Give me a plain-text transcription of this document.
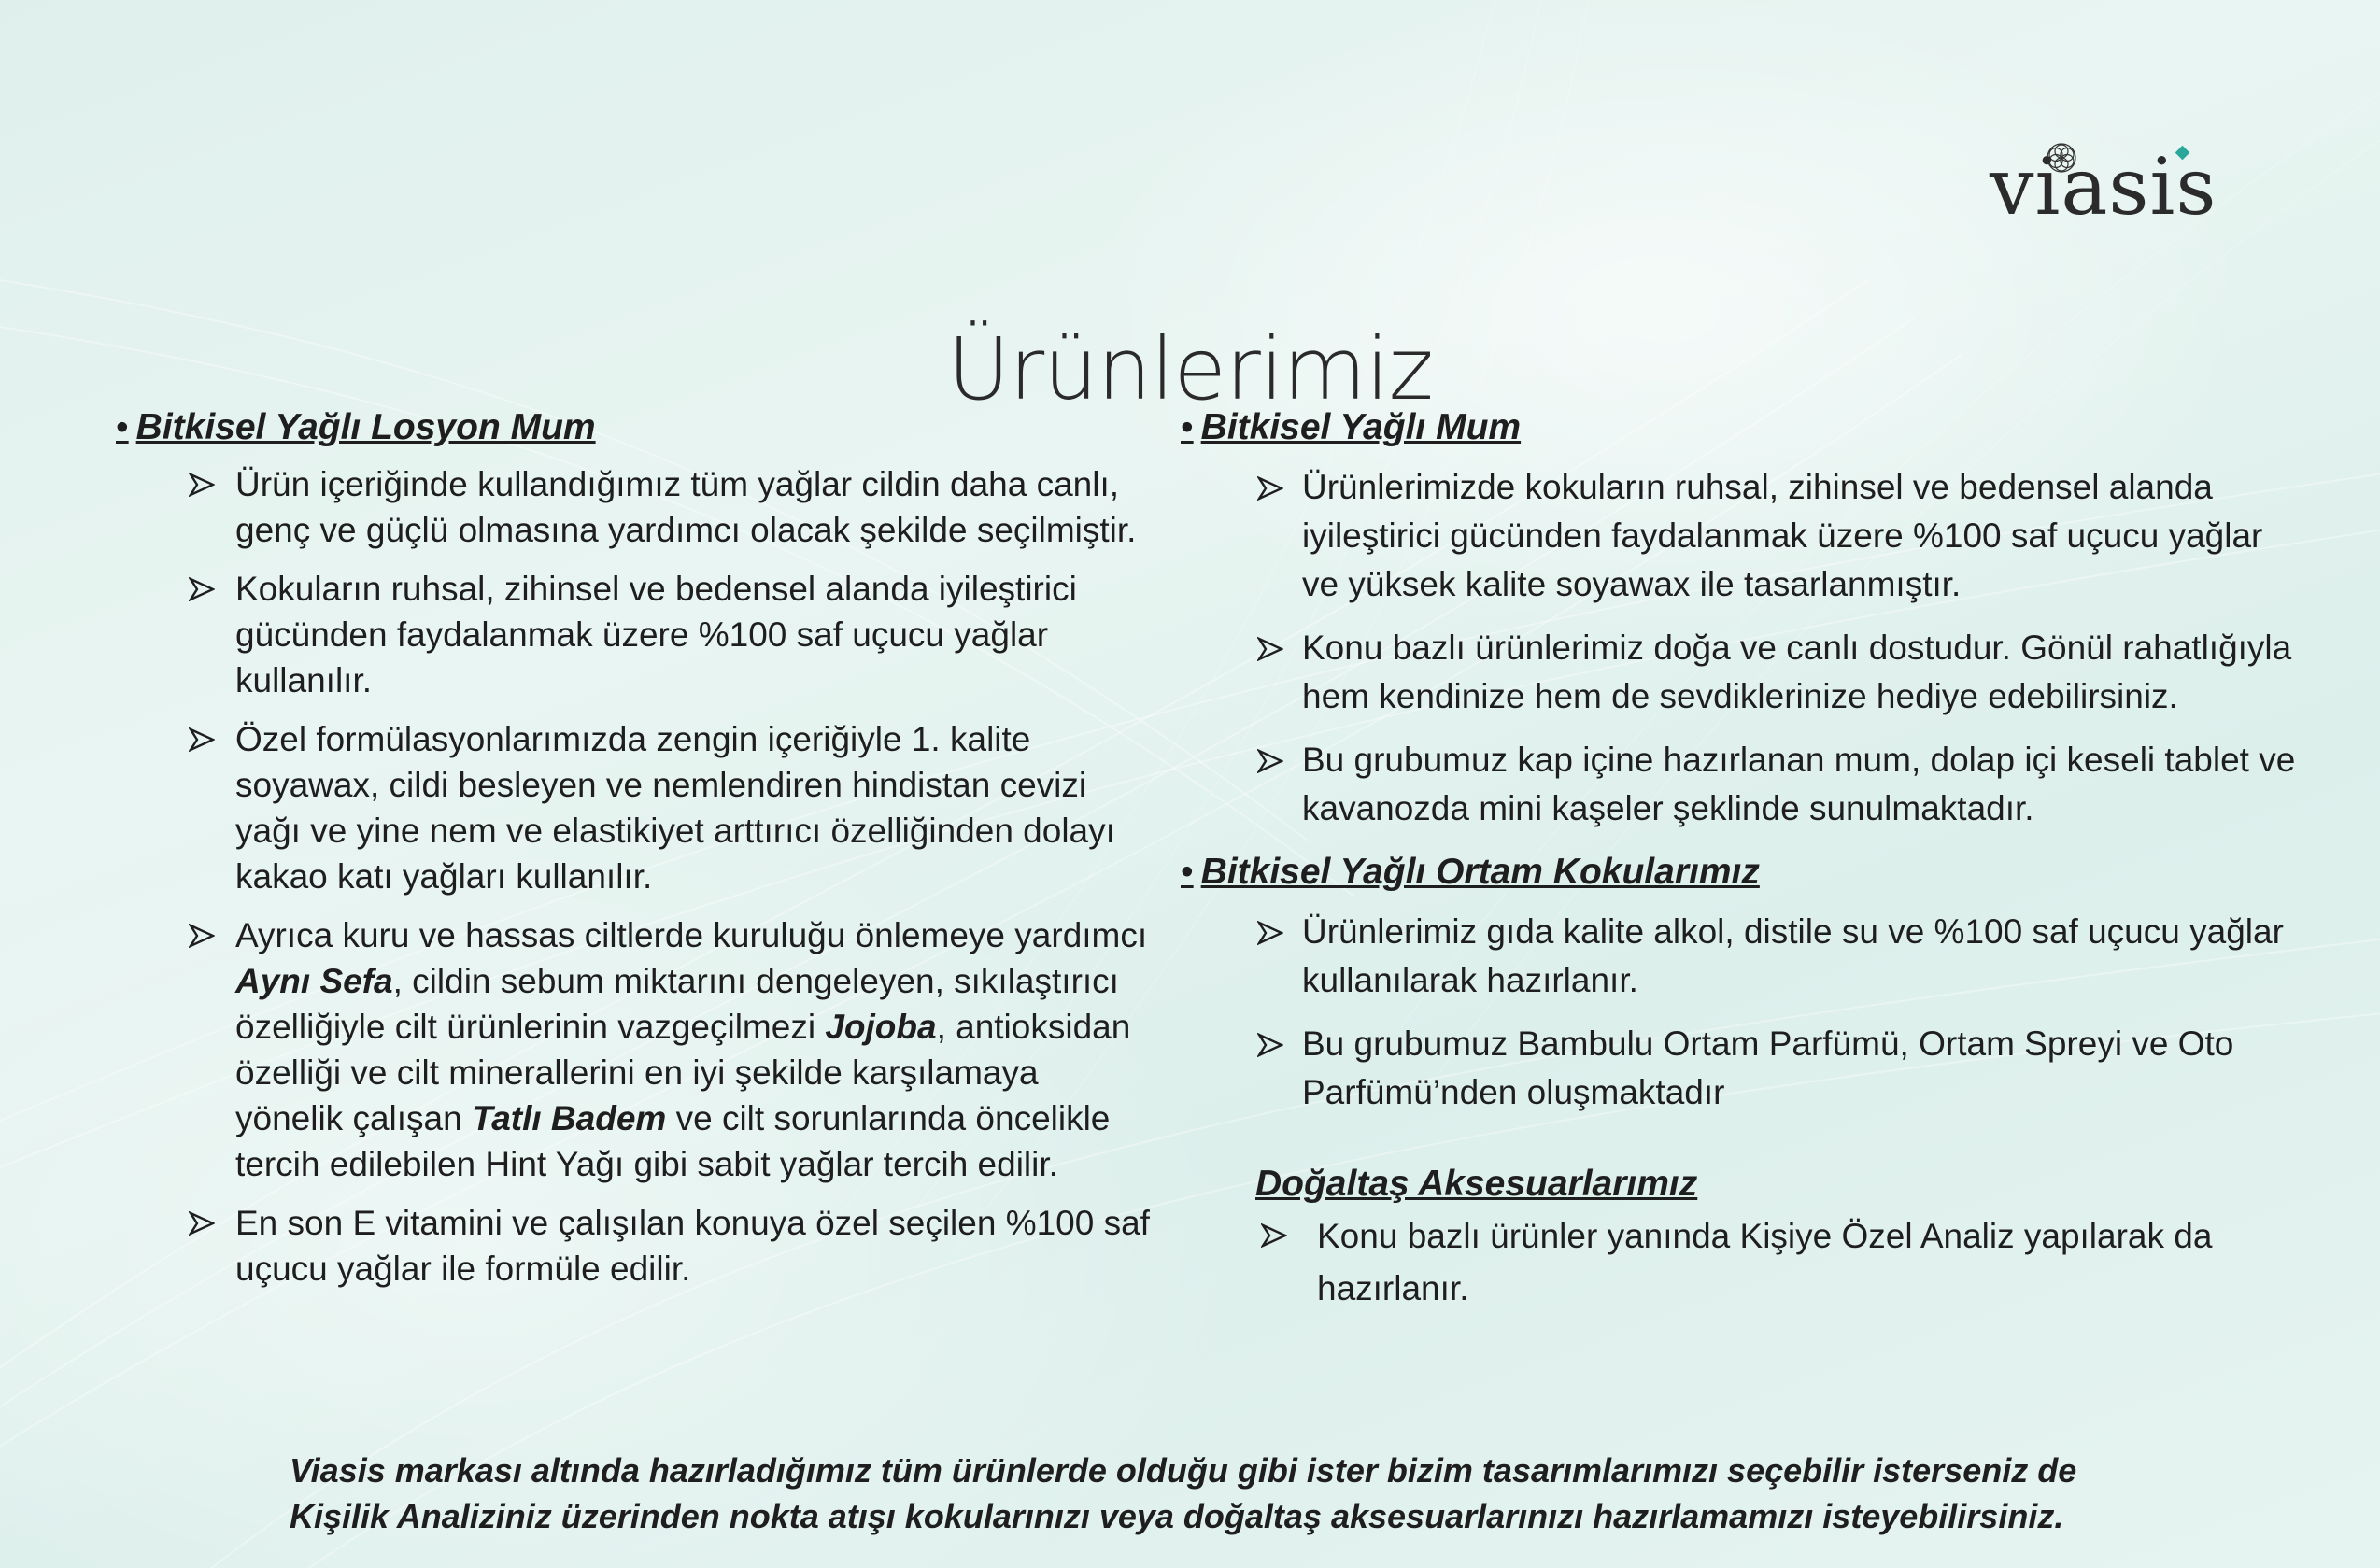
viasis
Ürünlerimiz
• Bitkisel Yağlı Losyon Mum
Ürün içeriğinde kullandığımız tüm yağlar cildin daha canlı, genç ve güçlü olmasına yardımcı olacak şekilde seçilmiştir.
Kokuların ruhsal, zihinsel ve bedensel alanda iyileştirici gücünden faydalanmak üzere %100 saf uçucu yağlar kullanılır.
Özel formülasyonlarımızda zengin içeriğiyle 1. kalite soyawax, cildi besleyen ve nemlendiren hindistan cevizi yağı ve yine nem ve elastikiyet arttırıcı özelliğinden dolayı kakao katı yağları kullanılır.
Ayrıca kuru ve hassas ciltlerde kuruluğu önlemeye yardımcı Aynı Sefa, cildin sebum miktarını dengeleyen, sıkılaştırıcı özelliğiyle cilt ürünlerinin vazgeçilmezi Jojoba, antioksidan özelliği ve cilt minerallerini en iyi şekilde karşılamaya yönelik çalışan Tatlı Badem ve cilt sorunlarında öncelikle tercih edilebilen Hint Yağı gibi sabit yağlar tercih edilir.
En son E vitamini ve çalışılan konuya özel seçilen %100 saf uçucu yağlar ile formüle edilir.
• Bitkisel Yağlı Mum
Ürünlerimizde kokuların ruhsal, zihinsel ve bedensel alanda iyileştirici gücünden faydalanmak üzere %100 saf uçucu yağlar ve yüksek kalite soyawax ile tasarlanmıştır.
Konu bazlı ürünlerimiz doğa ve canlı dostudur. Gönül rahatlığıyla hem kendinize hem de sevdiklerinize hediye edebilirsiniz.
Bu grubumuz kap içine hazırlanan mum, dolap içi keseli tablet ve kavanozda mini kaşeler şeklinde sunulmaktadır.
• Bitkisel Yağlı Ortam Kokularımız
Ürünlerimiz gıda kalite alkol, distile su ve %100 saf uçucu yağlar kullanılarak hazırlanır.
Bu grubumuz Bambulu Ortam Parfümü, Ortam Spreyi ve Oto Parfümü’nden oluşmaktadır
Doğaltaş Aksesuarlarımız
Konu bazlı ürünler yanında Kişiye Özel Analiz yapılarak da hazırlanır.
Viasis markası altında hazırladığımız tüm ürünlerde olduğu gibi ister bizim tasarımlarımızı seçebilir isterseniz de
Kişilik Analiziniz üzerinden nokta atışı kokularınızı veya doğaltaş aksesuarlarınızı hazırlamamızı isteyebilirsiniz.
